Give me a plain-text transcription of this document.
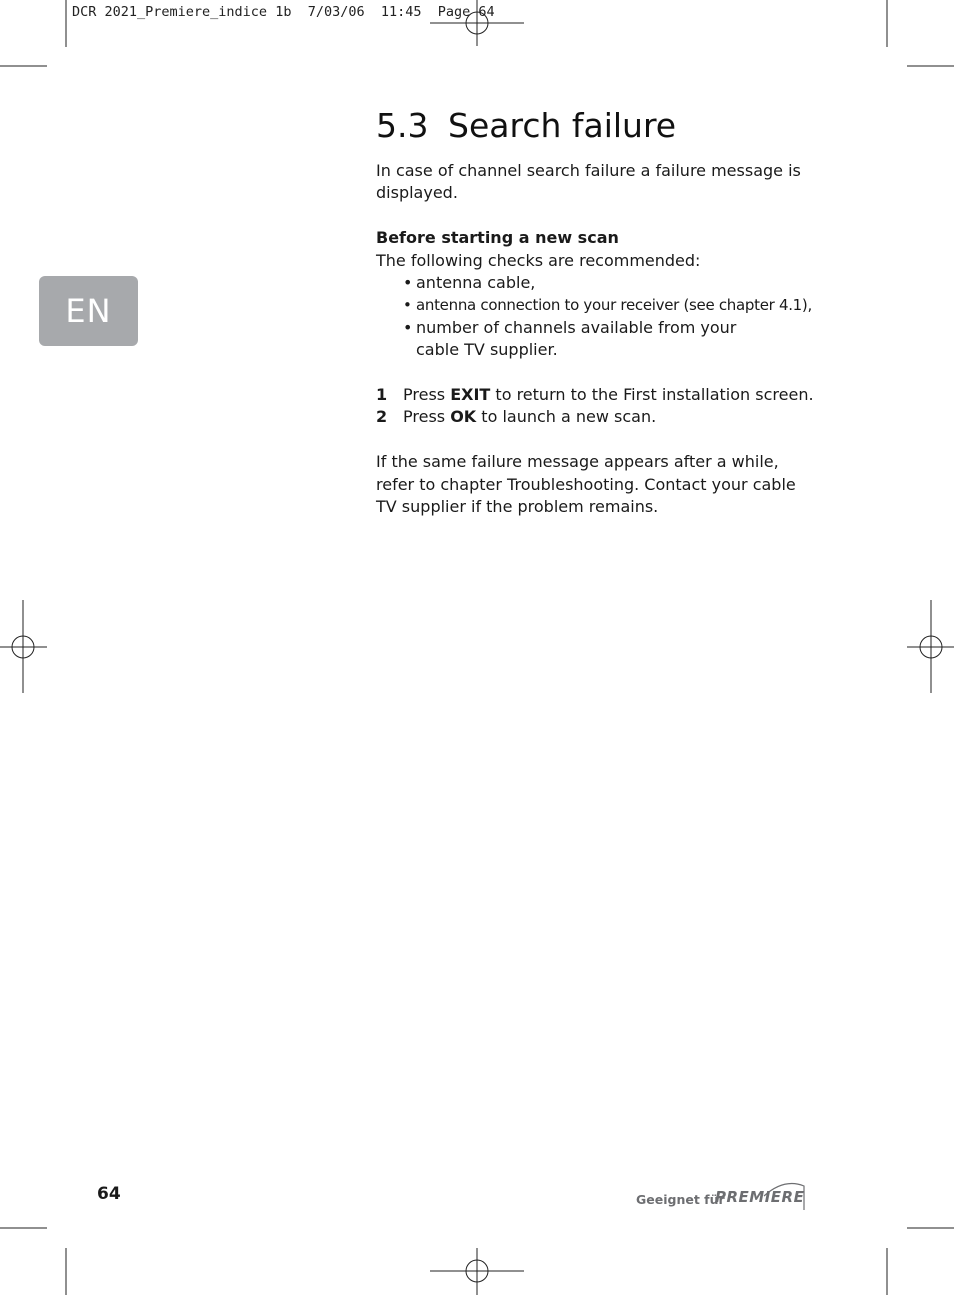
DCR 2021_Premiere_indice 1b  7/03/06  11:45  Page 64
EN
5.3 Search failure

In case of channel search failure a failure message is displayed.

Before starting a new scan
The following checks are recommended:
• antenna cable,
• antenna connection to your receiver (see chapter 4.1),
• number of channels available from your cable TV supplier.
1 Press EXIT to return to the First installation screen.
2 Press OK to launch a new scan.

If the same failure message appears after a while, refer to chapter Troubleshooting. Contact your cable TV supplier if the problem remains.

64	Geeignet für
PREMIERE
